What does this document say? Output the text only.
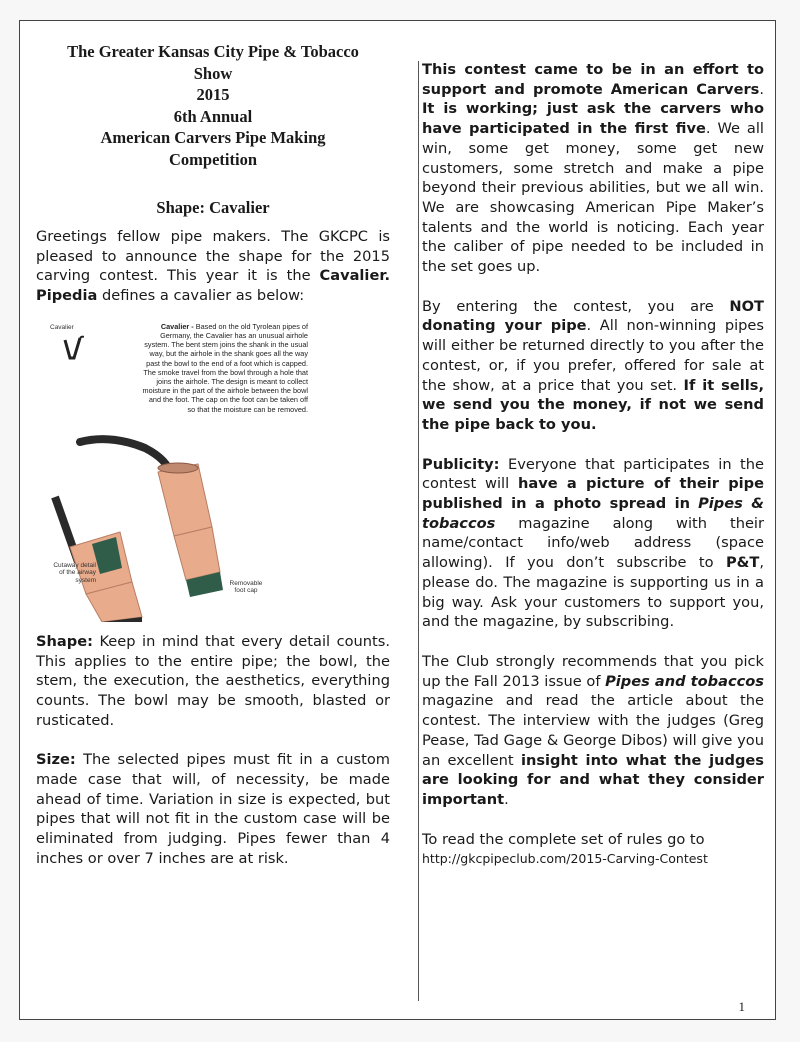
The Greater Kansas City Pipe & Tobacco
Show
2015
6th Annual
American Carvers Pipe Making
Competition
Shape: Cavalier

Greetings fellow pipe makers. The GKCPC is pleased to announce the shape for the 2015 carving contest. This year it is the Cavalier. Pipedia defines a cavalier as below:

Cavalier	Cavalier - Based on the old Tyrolean pipes of Germany, the Cavalier has an unusual airhole system. The bent stem joins the shank in the usual way, but the airhole in the shank goes all the way past the bowl to the end of a foot which is capped. The smoke travel from the bowl through a hole that joins the airhole. The design is meant to collect moisture in the part of the airhole between the bowl and the foot. The cap on the foot can be taken off so that the moisture can be removed.
Cutaway detail of the airway system	Removable foot cap

Shape: Keep in mind that every detail counts. This applies to the entire pipe; the bowl, the stem, the execution, the aesthetics, everything counts. The bowl may be smooth, blasted or rusticated.

Size: The selected pipes must fit in a custom made case that will, of necessity, be made ahead of time. Variation in size is expected, but pipes that will not fit in the custom case will be eliminated from judging. Pipes fewer than 4 inches or over 7 inches are at risk.

This contest came to be in an effort to support and promote American Carvers. It is working; just ask the carvers who have participated in the first five. We all win, some get money, some get new customers, some stretch and make a pipe beyond their previous abilities, but we all win. We are showcasing American Pipe Maker’s talents and the world is noticing. Each year the caliber of pipe needed to be included in the set goes up.

By entering the contest, you are NOT donating your pipe. All non-winning pipes will either be returned directly to you after the contest, or, if you prefer, offered for sale at the show, at a price that you set. If it sells, we send you the money, if not we send the pipe back to you.

Publicity: Everyone that participates in the contest will have a picture of their pipe published in a photo spread in Pipes & tobaccos magazine along with their name/contact info/web address (space allowing). If you don’t subscribe to P&T, please do. The magazine is supporting us in a big way. Ask your customers to support you, and the magazine, by subscribing.

The Club strongly recommends that you pick up the Fall 2013 issue of Pipes and tobaccos magazine and read the article about the contest. The interview with the judges (Greg Pease, Tad Gage & George Dibos) will give you an excellent insight into what the judges are looking for and what they consider important.

To read the complete set of rules go to
http://gkcpipeclub.com/2015-Carving-Contest

1
